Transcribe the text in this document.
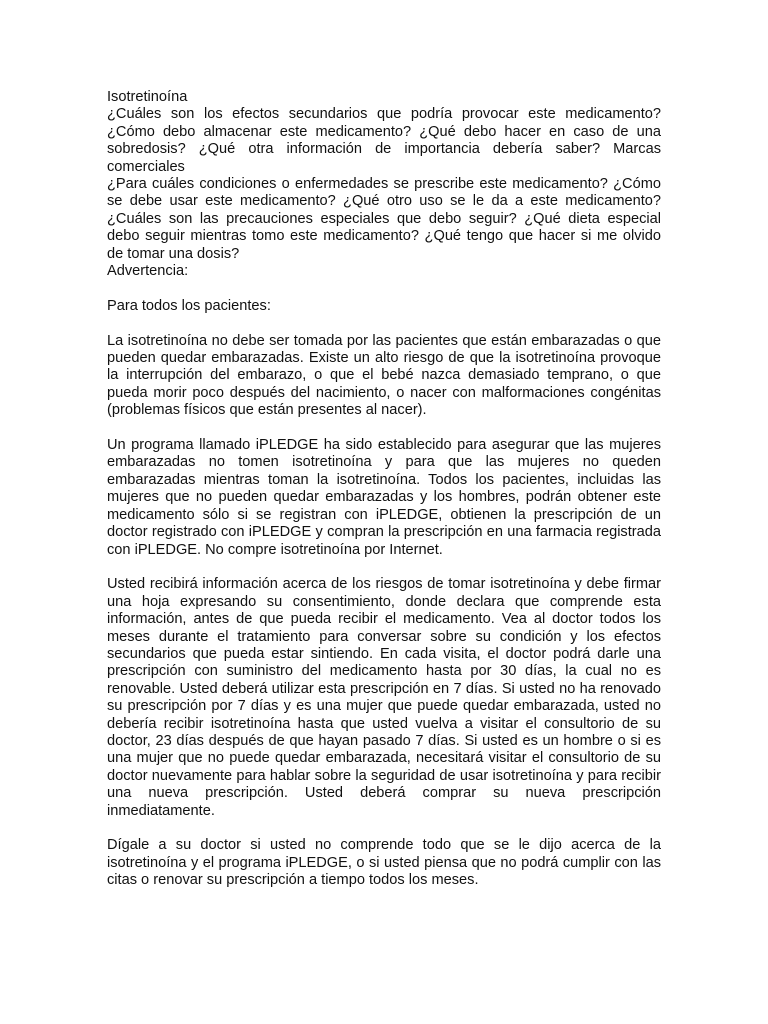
Isotretinoína
¿Cuáles son los efectos secundarios que podría provocar este medicamento? ¿Cómo debo almacenar este medicamento? ¿Qué debo hacer en caso de una sobredosis? ¿Qué otra información de importancia debería saber? Marcas comerciales
¿Para cuáles condiciones o enfermedades se prescribe este medicamento? ¿Cómo se debe usar este medicamento? ¿Qué otro uso se le da a este medicamento? ¿Cuáles son las precauciones especiales que debo seguir? ¿Qué dieta especial debo seguir mientras tomo este medicamento? ¿Qué tengo que hacer si me olvido de tomar una dosis?
Advertencia:
Para todos los pacientes:

La isotretinoína no debe ser tomada por las pacientes que están embarazadas o que pueden quedar embarazadas. Existe un alto riesgo de que la isotretinoína provoque la interrupción del embarazo, o que el bebé nazca demasiado temprano, o que pueda morir poco después del nacimiento, o nacer con malformaciones congénitas (problemas físicos que están presentes al nacer).

Un programa llamado iPLEDGE ha sido establecido para asegurar que las mujeres embarazadas no tomen isotretinoína y para que las mujeres no queden embarazadas mientras toman la isotretinoína. Todos los pacientes, incluidas las mujeres que no pueden quedar embarazadas y los hombres, podrán obtener este medicamento sólo si se registran con iPLEDGE, obtienen la prescripción de un doctor registrado con iPLEDGE y compran la prescripción en una farmacia registrada con iPLEDGE. No compre isotretinoína por Internet.

Usted recibirá información acerca de los riesgos de tomar isotretinoína y debe firmar una hoja expresando su consentimiento, donde declara que comprende esta información, antes de que pueda recibir el medicamento. Vea al doctor todos los meses durante el tratamiento para conversar sobre su condición y los efectos secundarios que pueda estar sintiendo. En cada visita, el doctor podrá darle una prescripción con suministro del medicamento hasta por 30 días, la cual no es renovable. Usted deberá utilizar esta prescripción en 7 días. Si usted no ha renovado su prescripción por 7 días y es una mujer que puede quedar embarazada, usted no debería recibir isotretinoína hasta que usted vuelva a visitar el consultorio de su doctor, 23 días después de que hayan pasado 7 días. Si usted es un hombre o si es una mujer que no puede quedar embarazada, necesitará visitar el consultorio de su doctor nuevamente para hablar sobre la seguridad de usar isotretinoína y para recibir una nueva prescripción. Usted deberá comprar su nueva prescripción inmediatamente.

Dígale a su doctor si usted no comprende todo que se le dijo acerca de la isotretinoína y el programa iPLEDGE, o si usted piensa que no podrá cumplir con las citas o renovar su prescripción a tiempo todos los meses.
